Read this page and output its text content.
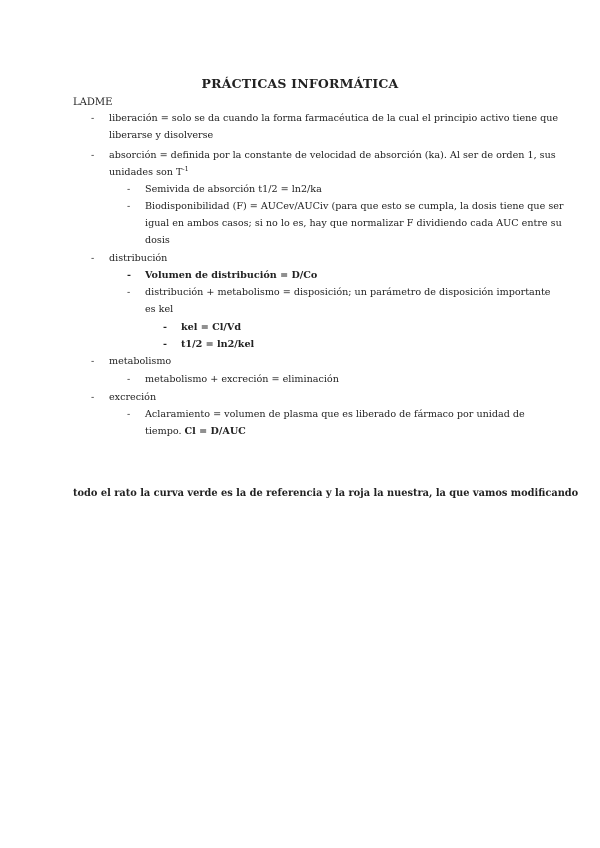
PRÁCTICAS INFORMÁTICA
LADME
- liberación = solo se da cuando la forma farmacéutica de la cual el principio activo tiene que
liberarse y disolverse
- absorción = definida por la constante de velocidad de absorción (ka). Al ser de orden 1, sus
unidades son $T^{-1}$
- Semivida de absorción t1/2 = ln2/ka
- Biodisponibilidad (F) = AUCev/AUCiv (para que esto se cumpla, la dosis tiene que ser
igual en ambos casos; si no lo es, hay que normalizar F dividiendo cada AUC entre su
dosis
- distribución
- Volumen de distribución = D/Co
- distribución + metabolismo = disposición; un parámetro de disposición importante
es kel
- kel = Cl/Vd
- t1/2 = ln2/kel
- metabolismo
- metabolismo + excreción = eliminación
- excreción
- Aclaramiento = volumen de plasma que es liberado de fármaco por unidad de
tiempo. Cl = D/AUC
todo el rato la curva verde es la de referencia y la roja la nuestra, la que vamos modificando
